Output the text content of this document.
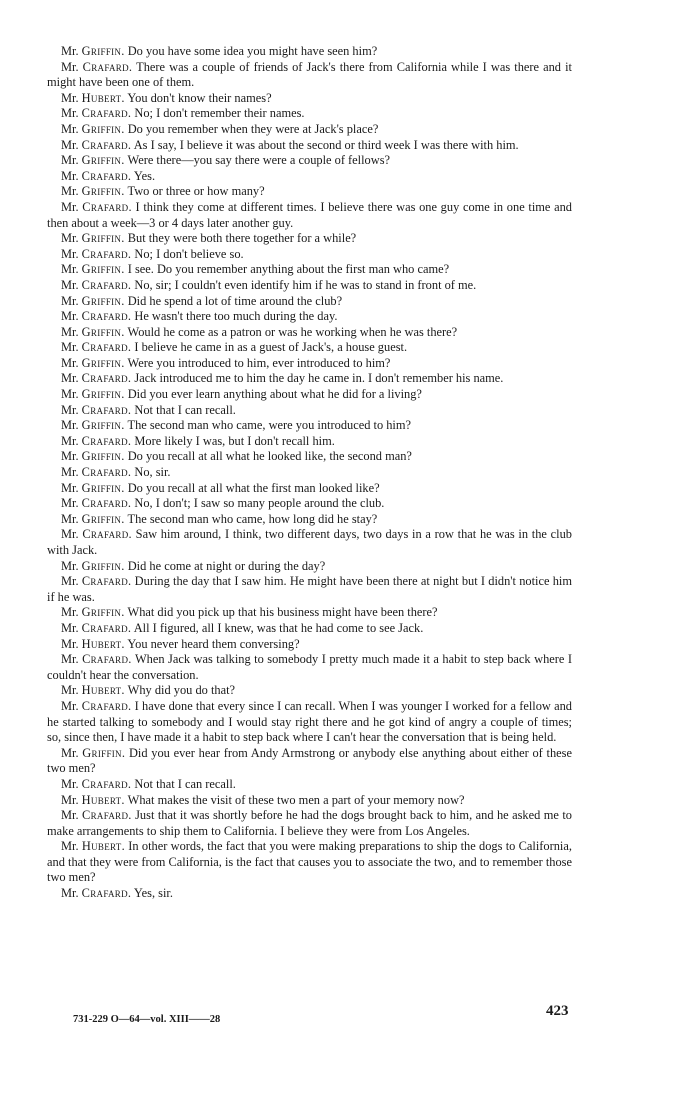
Mr. Griffin. Do you have some idea you might have seen him?

Mr. Crafard. There was a couple of friends of Jack's there from California while I was there and it might have been one of them.

Mr. Hubert. You don't know their names?

Mr. Crafard. No; I don't remember their names.

Mr. Griffin. Do you remember when they were at Jack's place?

Mr. Crafard. As I say, I believe it was about the second or third week I was there with him.

Mr. Griffin. Were there—you say there were a couple of fellows?

Mr. Crafard. Yes.

Mr. Griffin. Two or three or how many?

Mr. Crafard. I think they come at different times. I believe there was one guy come in one time and then about a week—3 or 4 days later another guy.

Mr. Griffin. But they were both there together for a while?

Mr. Crafard. No; I don't believe so.

Mr. Griffin. I see. Do you remember anything about the first man who came?

Mr. Crafard. No, sir; I couldn't even identify him if he was to stand in front of me.

Mr. Griffin. Did he spend a lot of time around the club?

Mr. Crafard. He wasn't there too much during the day.

Mr. Griffin. Would he come as a patron or was he working when he was there?

Mr. Crafard. I believe he came in as a guest of Jack's, a house guest.

Mr. Griffin. Were you introduced to him, ever introduced to him?

Mr. Crafard. Jack introduced me to him the day he came in. I don't remember his name.

Mr. Griffin. Did you ever learn anything about what he did for a living?

Mr. Crafard. Not that I can recall.

Mr. Griffin. The second man who came, were you introduced to him?

Mr. Crafard. More likely I was, but I don't recall him.

Mr. Griffin. Do you recall at all what he looked like, the second man?

Mr. Crafard. No, sir.

Mr. Griffin. Do you recall at all what the first man looked like?

Mr. Crafard. No, I don't; I saw so many people around the club.

Mr. Griffin. The second man who came, how long did he stay?

Mr. Crafard. Saw him around, I think, two different days, two days in a row that he was in the club with Jack.

Mr. Griffin. Did he come at night or during the day?

Mr. Crafard. During the day that I saw him. He might have been there at night but I didn't notice him if he was.

Mr. Griffin. What did you pick up that his business might have been there?

Mr. Crafard. All I figured, all I knew, was that he had come to see Jack.

Mr. Hubert. You never heard them conversing?

Mr. Crafard. When Jack was talking to somebody I pretty much made it a habit to step back where I couldn't hear the conversation.

Mr. Hubert. Why did you do that?

Mr. Crafard. I have done that every since I can recall. When I was younger I worked for a fellow and he started talking to somebody and I would stay right there and he got kind of angry a couple of times; so, since then, I have made it a habit to step back where I can't hear the conversation that is being held.

Mr. Griffin. Did you ever hear from Andy Armstrong or anybody else anything about either of these two men?

Mr. Crafard. Not that I can recall.

Mr. Hubert. What makes the visit of these two men a part of your memory now?

Mr. Crafard. Just that it was shortly before he had the dogs brought back to him, and he asked me to make arrangements to ship them to California. I believe they were from Los Angeles.

Mr. Hubert. In other words, the fact that you were making preparations to ship the dogs to California, and that they were from California, is the fact that causes you to associate the two, and to remember those two men?

Mr. Crafard. Yes, sir.

731-229 O—64—vol. XIII——28
423
